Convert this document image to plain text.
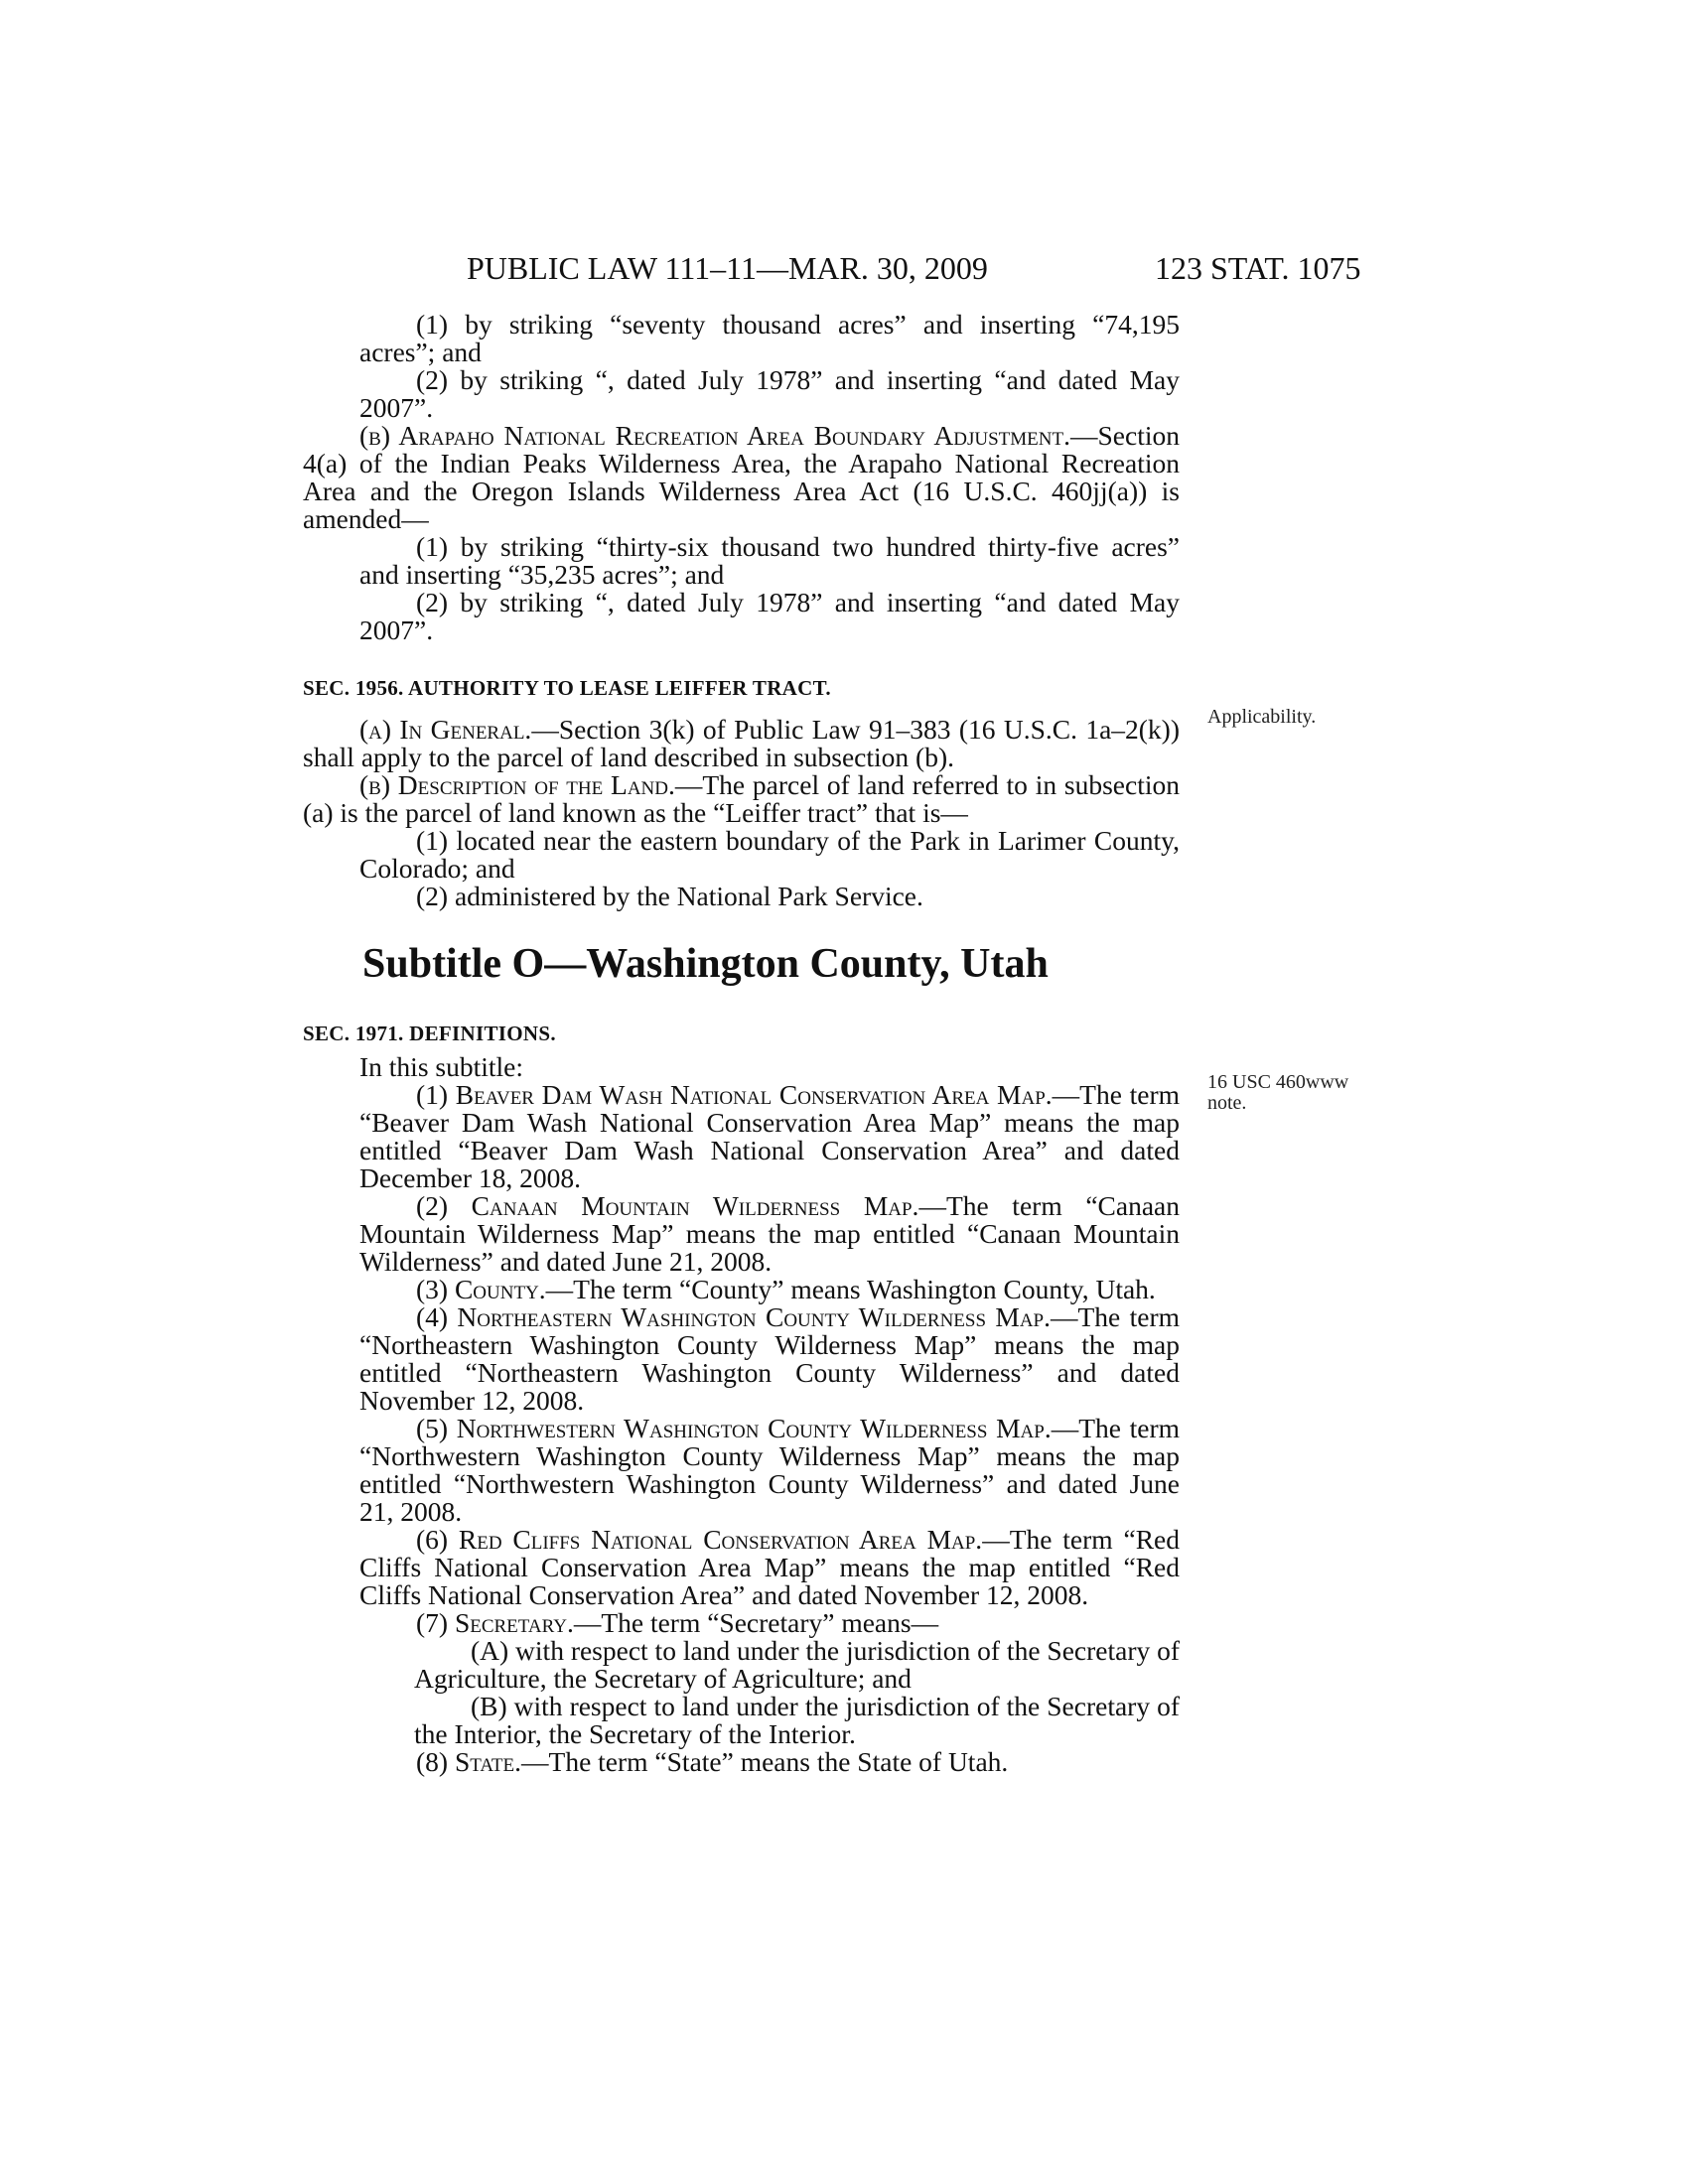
PUBLIC LAW 111–11—MAR. 30, 2009	123 STAT. 1075
Applicability.
16 USC 460www
note.

(1) by striking “seventy thousand acres” and inserting “74,195 acres”; and

(2) by striking “, dated July 1978” and inserting “and dated May 2007”.

(b) Arapaho National Recreation Area Boundary Adjustment.—Section 4(a) of the Indian Peaks Wilderness Area, the Arapaho National Recreation Area and the Oregon Islands Wilderness Area Act (16 U.S.C. 460jj(a)) is amended—

(1) by striking “thirty-six thousand two hundred thirty-five acres” and inserting “35,235 acres”; and

(2) by striking “, dated July 1978” and inserting “and dated May 2007”.

SEC. 1956. AUTHORITY TO LEASE LEIFFER TRACT.

(a) In General.—Section 3(k) of Public Law 91–383 (16 U.S.C. 1a–2(k)) shall apply to the parcel of land described in subsection (b).

(b) Description of the Land.—The parcel of land referred to in subsection (a) is the parcel of land known as the “Leiffer tract” that is—

(1) located near the eastern boundary of the Park in Larimer County, Colorado; and

(2) administered by the National Park Service.

Subtitle O—Washington County, Utah
SEC. 1971. DEFINITIONS.

In this subtitle:

(1) Beaver Dam Wash National Conservation Area Map.—The term “Beaver Dam Wash National Conservation Area Map” means the map entitled “Beaver Dam Wash National Conservation Area” and dated December 18, 2008.

(2) Canaan Mountain Wilderness Map.—The term “Canaan Mountain Wilderness Map” means the map entitled “Canaan Mountain Wilderness” and dated June 21, 2008.

(3) County.—The term “County” means Washington County, Utah.

(4) Northeastern Washington County Wilderness Map.—The term “Northeastern Washington County Wilderness Map” means the map entitled “Northeastern Washington County Wilderness” and dated November 12, 2008.

(5) Northwestern Washington County Wilderness Map.—The term “Northwestern Washington County Wilderness Map” means the map entitled “Northwestern Washington County Wilderness” and dated June 21, 2008.

(6) Red Cliffs National Conservation Area Map.—The term “Red Cliffs National Conservation Area Map” means the map entitled “Red Cliffs National Conservation Area” and dated November 12, 2008.

(7) Secretary.—The term “Secretary” means—

(A) with respect to land under the jurisdiction of the Secretary of Agriculture, the Secretary of Agriculture; and

(B) with respect to land under the jurisdiction of the Secretary of the Interior, the Secretary of the Interior.

(8) State.—The term “State” means the State of Utah.
